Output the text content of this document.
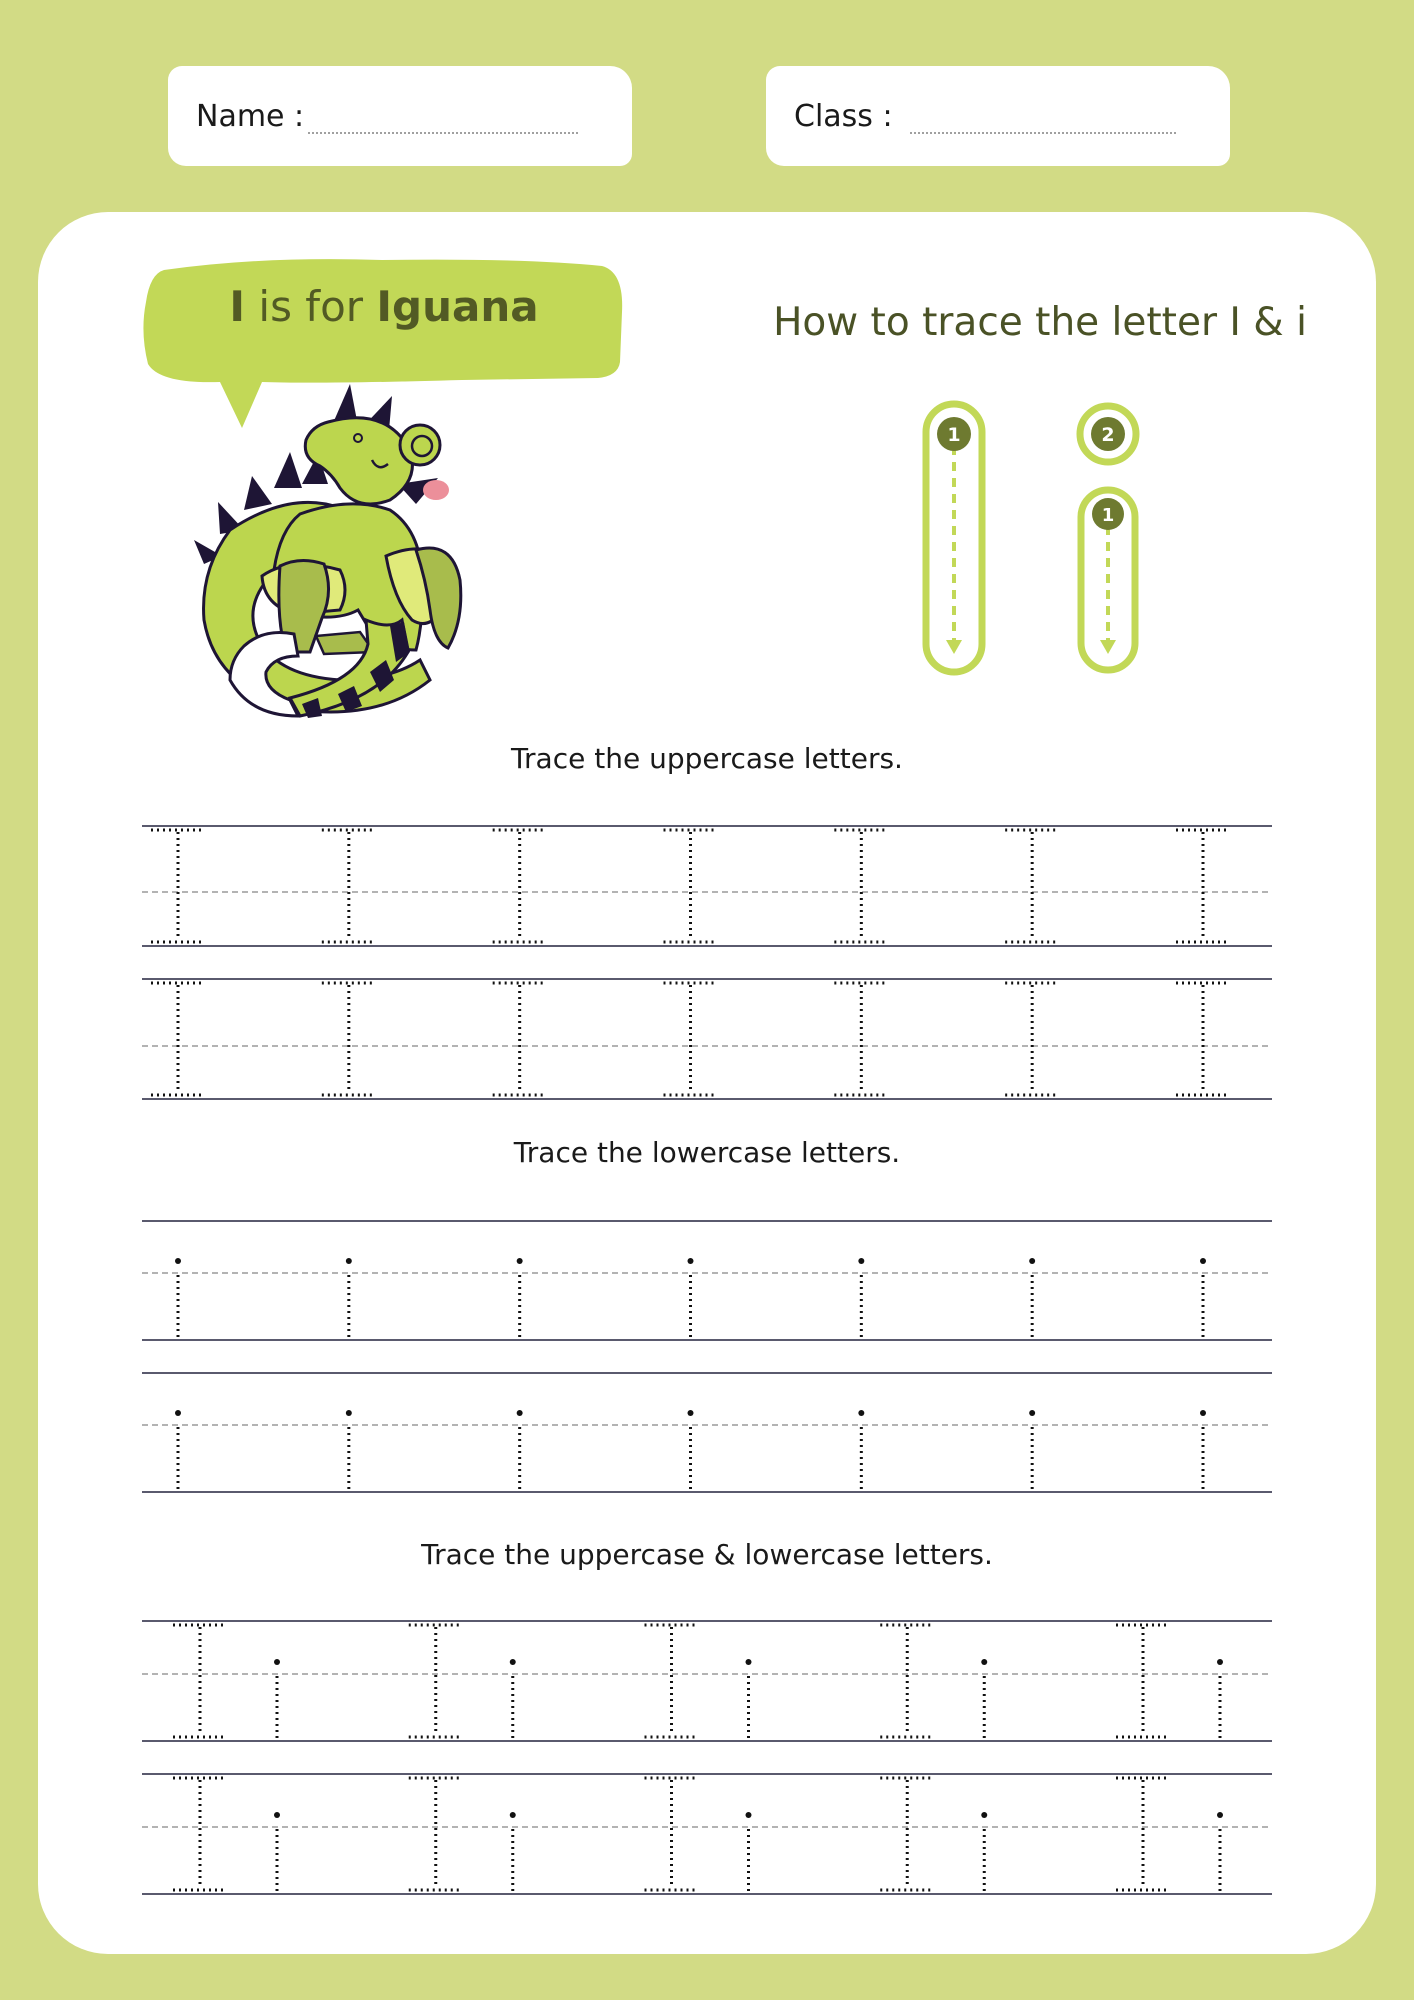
Name :	Class :
I is for Iguana	How to trace the letter I & i
1	2
1
Trace the uppercase letters.
Trace the lowercase letters.
Trace the uppercase & lowercase letters.
